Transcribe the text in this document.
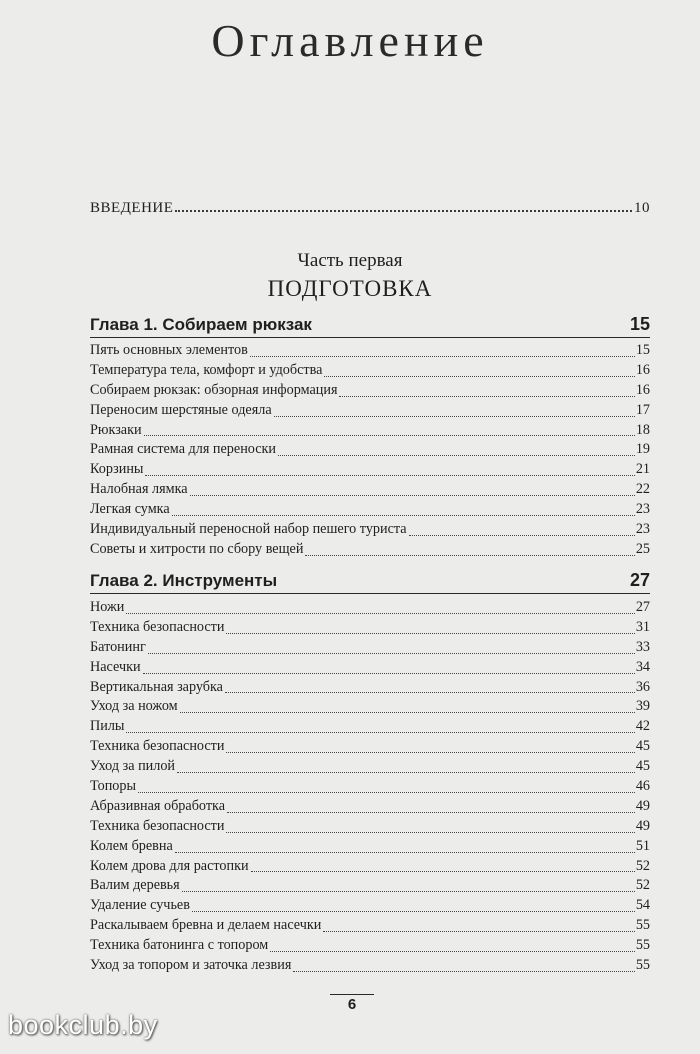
Оглавление
ВВЕДЕНИЕ	10
Часть первая
ПОДГОТОВКА
Глава 1. Собираем рюкзак	15
Пять основных элементов	15
Температура тела, комфорт и удобства	16
Собираем рюкзак: обзорная информация	16
Переносим шерстяные одеяла	17
Рюкзаки	18
Рамная система для переноски	19
Корзины	21
Налобная лямка	22
Легкая сумка	23
Индивидуальный переносной набор пешего туриста	23
Советы и хитрости по сбору вещей	25
Глава 2. Инструменты	27
Ножи	27
Техника безопасности	31
Батонинг	33
Насечки	34
Вертикальная зарубка	36
Уход за ножом	39
Пилы	42
Техника безопасности	45
Уход за пилой	45
Топоры	46
Абразивная обработка	49
Техника безопасности	49
Колем бревна	51
Колем дрова для растопки	52
Валим деревья	52
Удаление сучьев	54
Раскалываем бревна и делаем насечки	55
Техника батонинга с топором	55
Уход за топором и заточка лезвия	55
6
bookclub.by
